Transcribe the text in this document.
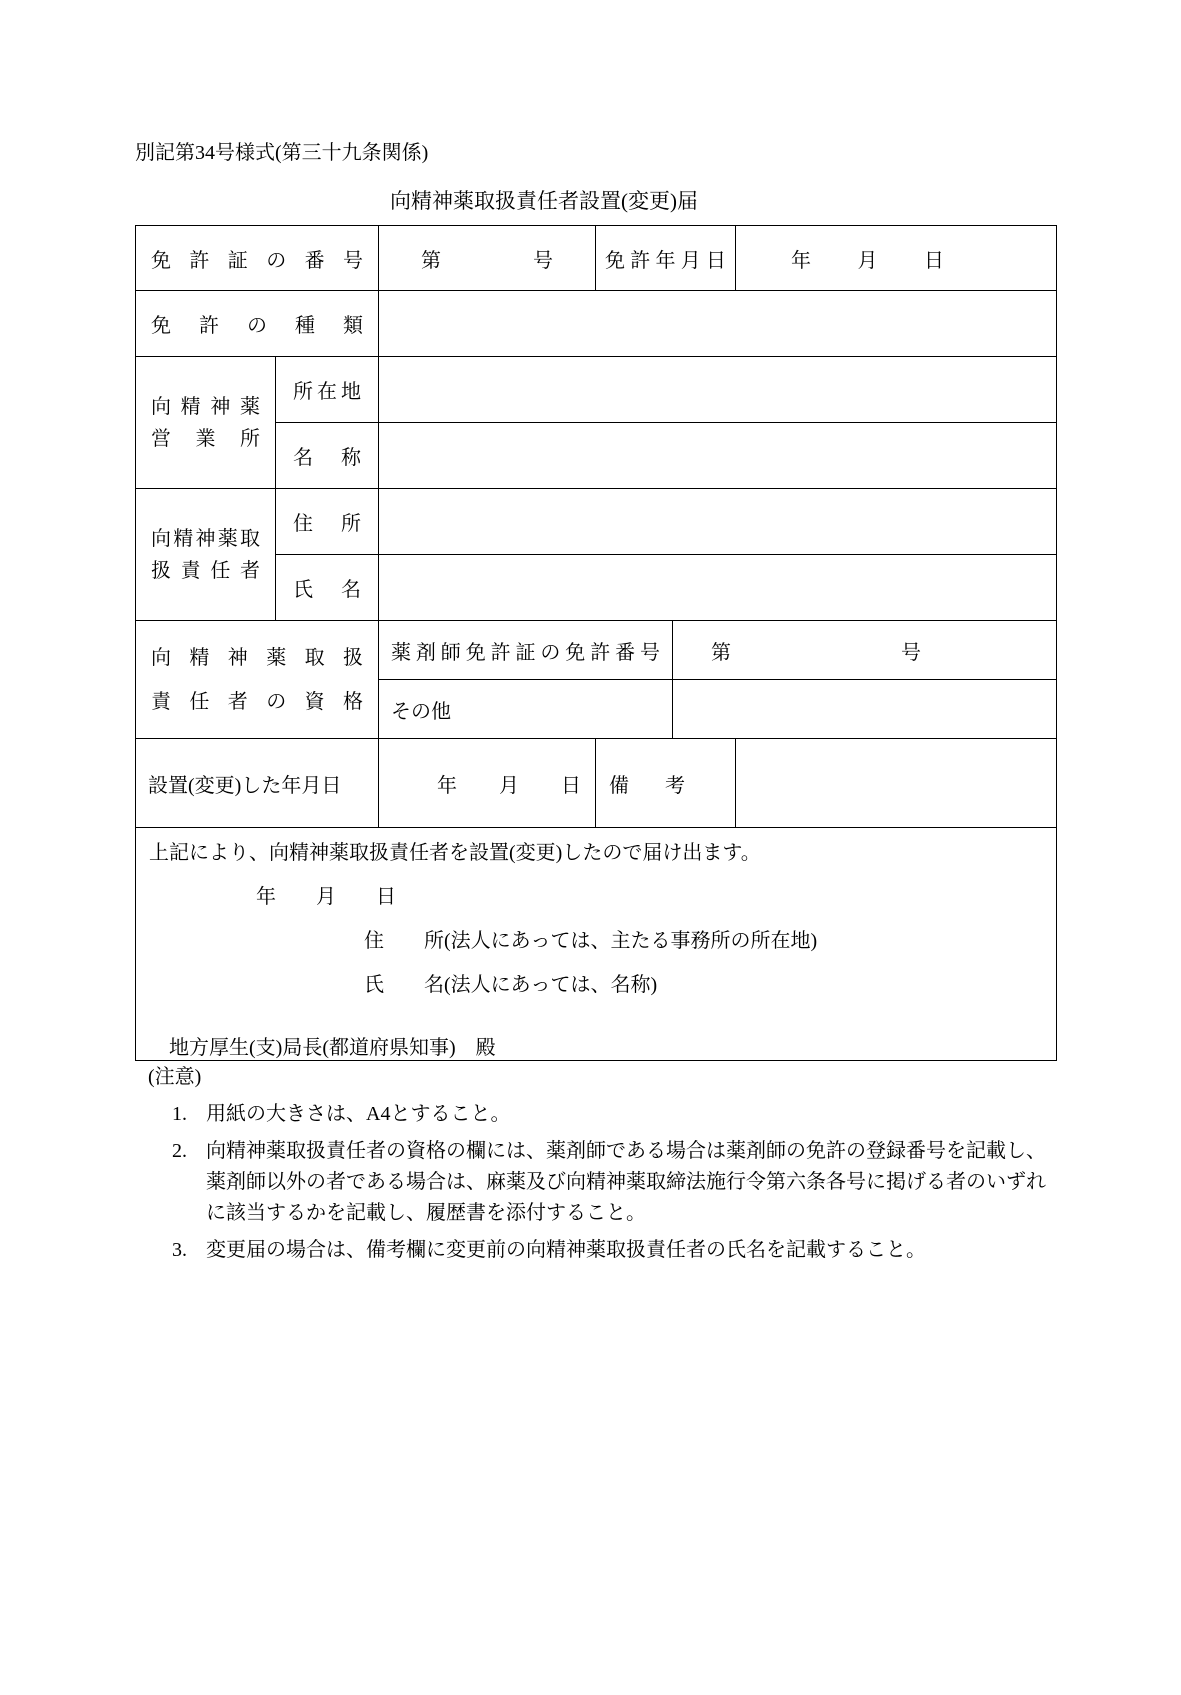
別記第34号様式(第三十九条関係)
向精神薬取扱責任者設置(変更)届
免許証の番号		第 号	免許年月日		年 月 日

免許の種類					

向精神薬
営業所	所在地				
	名称				

向精神薬取
扱責任者	住所				
	氏名				

向精神薬取扱
責任者の資格
	薬剤師免許証の免許番号	第	号

		その他			
設置(変更)した年月日		年 月 日	備考		

上記により、向精神薬取扱責任者を設置(変更)したので届け出ます。
年        月        日
住        所(法人にあっては、主たる事務所の所在地)
氏        名(法人にあっては、名称)
地方厚生(支)局長(都道府県知事)    殿					
(注意)
1. 用紙の大きさは、A4とすること。
2. 向精神薬取扱責任者の資格の欄には、薬剤師である場合は薬剤師の免許の登録番号を記載し、薬剤師以外の者である場合は、麻薬及び向精神薬取締法施行令第六条各号に掲げる者のいずれに該当するかを記載し、履歴書を添付すること。
3. 変更届の場合は、備考欄に変更前の向精神薬取扱責任者の氏名を記載すること。
